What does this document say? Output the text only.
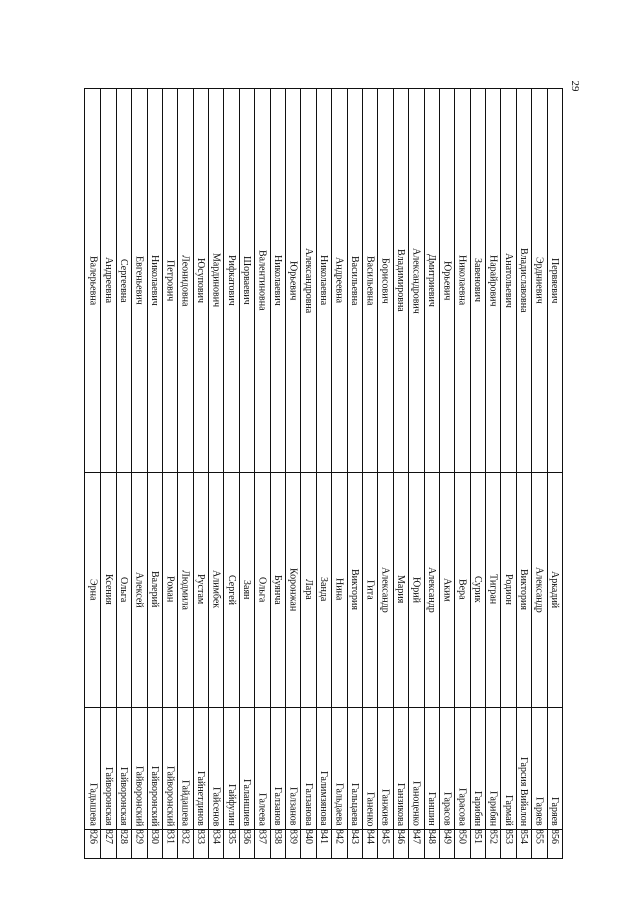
29
826
Гадышева
Эрна
Валерьевна
827
Гайворонская
Ксения
Андреевна
828
Гайворонская
Ольга
Сергеевна
829
Гайворонский
Алексей
Евгеньевич
830
Гайворонский
Валерий
Николаевич
831
Гайворонский
Роман
Петрович
832
Гайдашева
Людмила
Леонидовна
833
Гайнетдинов
Рустам
Юсупович
834
Гайсенов
Алимбек
Мардинович
835
Гайфулин
Сергей
Рифкатович
836
Галаншиев
Заян
Шорваевич
837
Галеева
Ольга
Валентиновна
838
Галзанов
Буянча
Николаевич
839
Галзанов
Коронжан
Юрьевич
840
Галзанова
Лара
Александровна
841
Галимзянова
Занда
Николаевна
842
Гальдаева
Нина
Андреевна
843
Гальцаева
Виктория
Васильевна
844
Ганенко
Гита
Васильевна
845
Ганжиев
Александр
Борисович
846
Ганзикова
Мария
Владимировна
847
Ганоценко
Юрий
Александрович
848
Ганшин
Александр
Дмитриевич
849
Гарасов
Аким
Юрьевич
850
Гарасова
Вера
Николаевна
851
Гарибян
Сурик
Завенович
852
Гарибян
Тигран
Нарайрович
853
Гармай
Родион
Анатольевич
854
Гарсия Вийалон
Виктория
Владиславовна
855
Гаряев
Александр
Эрдниевич
856
Гаряев
Аркадий
Первяевич
